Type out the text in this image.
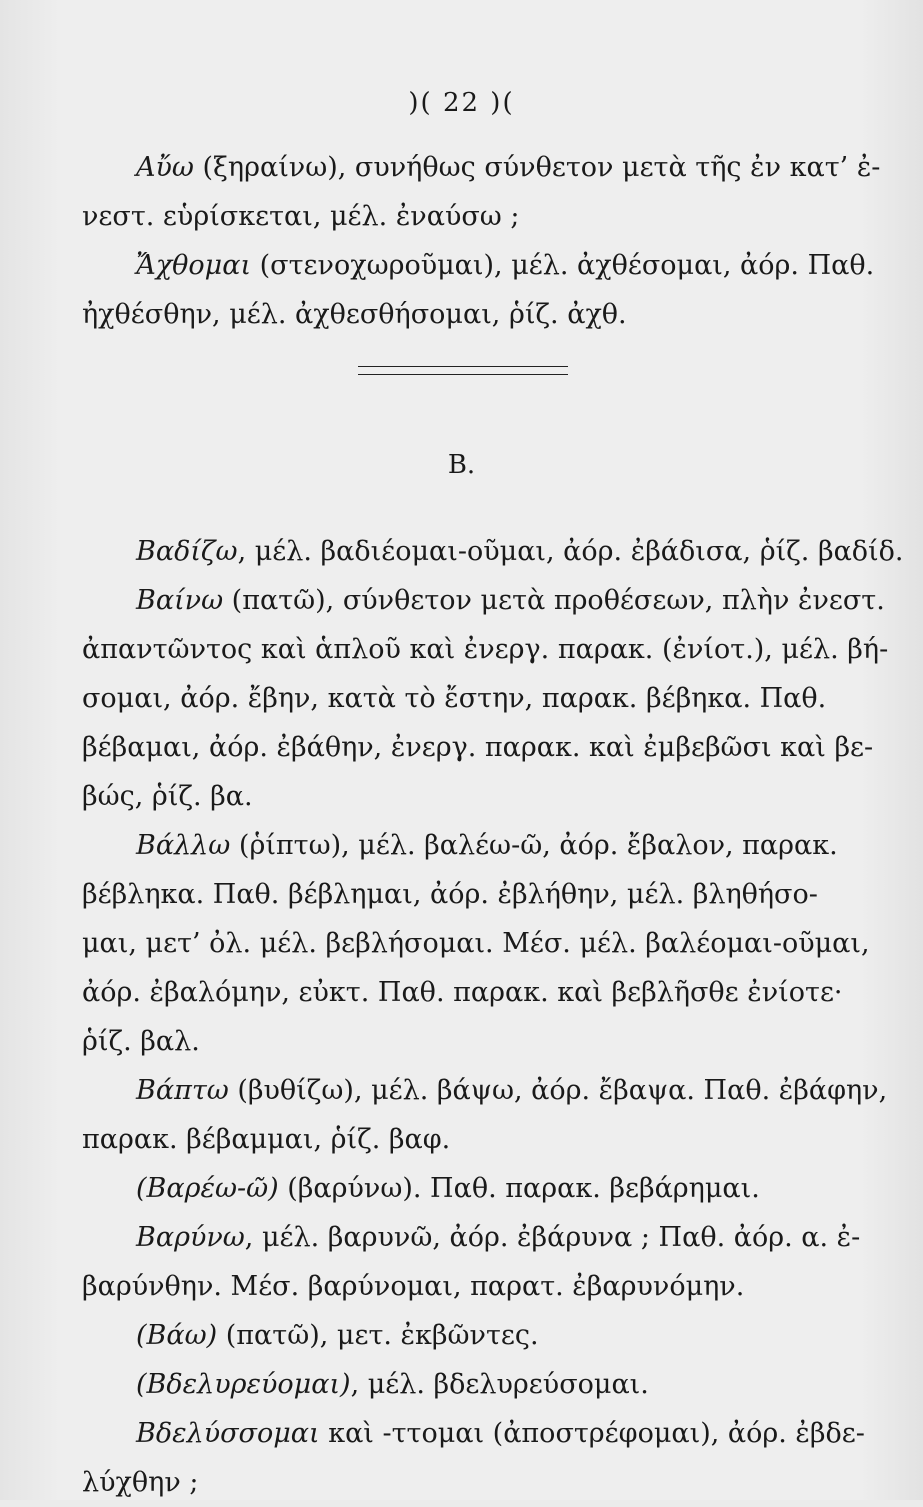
)( 22 )(
Αὔω (ξηραίνω), συνήθως σύνθετον μετὰ τῆς ἐν κατ’ ἐ-
νεστ. εὑρίσκεται, μέλ. ἐναύσω ;
Ἄχθομαι (στενοχωροῦμαι), μέλ. ἀχθέσομαι, ἀόρ. Παθ.
ἠχθέσθην, μέλ. ἀχθεσθήσομαι, ῥίζ. ἀχθ.
B.
Βαδίζω, μέλ. βαδιέομαι-οῦμαι, ἀόρ. ἐβάδισα, ῥίζ. βαδίδ.
Βαίνω (πατῶ), σύνθετον μετὰ προθέσεων, πλὴν ἐνεστ.
ἀπαντῶντος καὶ ἁπλοῦ καὶ ἐνεργ. παρακ. (ἐνίοτ.), μέλ. βή-
σομαι, ἀόρ. ἔβην, κατὰ τὸ ἔστην, παρακ. βέβηκα. Παθ.
βέβαμαι, ἀόρ. ἐβάθην, ἐνεργ. παρακ. καὶ ἐμβεβῶσι καὶ βε-
βώς, ῥίζ. βα.
Βάλλω (ῥίπτω), μέλ. βαλέω-ῶ, ἀόρ. ἔβαλον, παρακ.
βέβληκα. Παθ. βέβλημαι, ἀόρ. ἐβλήθην, μέλ. βληθήσο-
μαι, μετ’ ὀλ. μέλ. βεβλήσομαι. Μέσ. μέλ. βαλέομαι-οῦμαι,
ἀόρ. ἐβαλόμην, εὐκτ. Παθ. παρακ. καὶ βεβλῆσθε ἐνίοτε·
ῥίζ. βαλ.
Βάπτω (βυθίζω), μέλ. βάψω, ἀόρ. ἔβαψα. Παθ. ἐβάφην,
παρακ. βέβαμμαι, ῥίζ. βαφ.
(Βαρέω-ῶ) (βαρύνω). Παθ. παρακ. βεβάρημαι.
Βαρύνω, μέλ. βαρυνῶ, ἀόρ. ἐβάρυνα ; Παθ. ἀόρ. α. ἐ-
βαρύνθην. Μέσ. βαρύνομαι, παρατ. ἐβαρυνόμην.
(Βάω) (πατῶ), μετ. ἐκβῶντες.
(Βδελυρεύομαι), μέλ. βδελυρεύσομαι.
Βδελύσσομαι καὶ -ττομαι (ἀποστρέφομαι), ἀόρ. ἐβδε-
λύχθην ;
